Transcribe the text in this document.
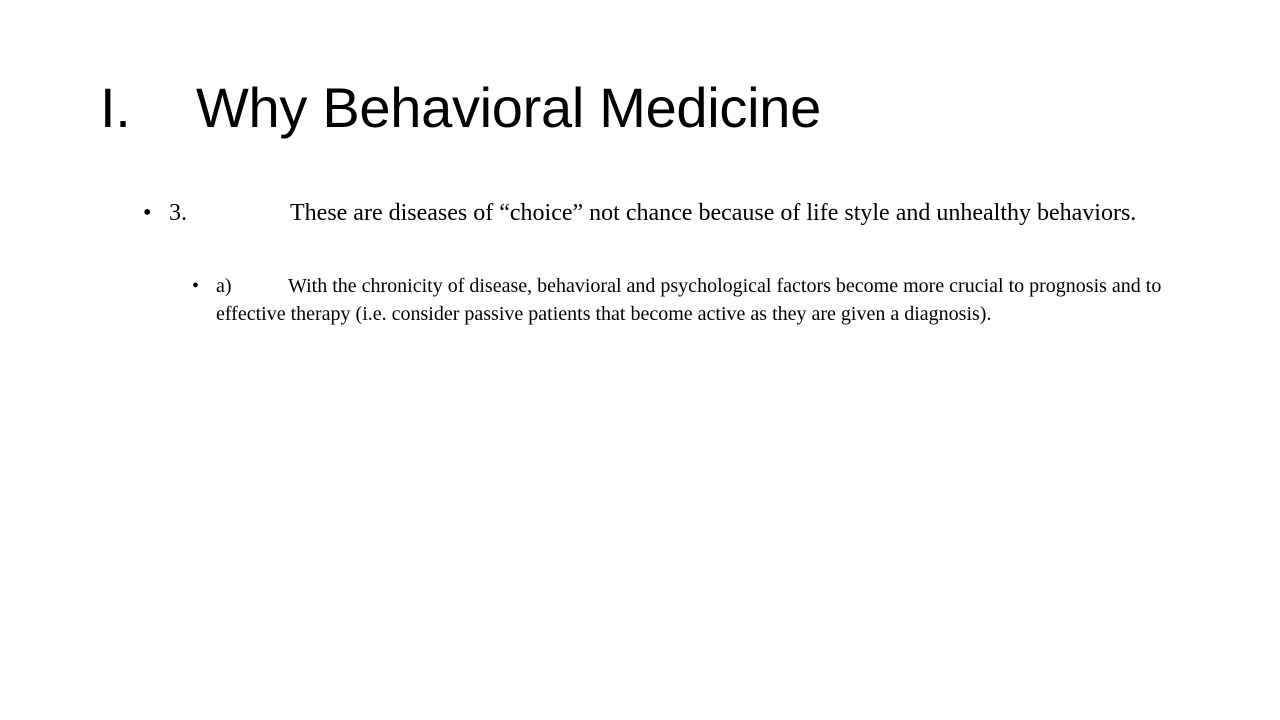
I.	Why Behavioral Medicine
• 3.	These are diseases of “choice” not chance because of life style and unhealthy behaviors.
• a)	With the chronicity of disease, behavioral and psychological factors become more crucial to prognosis and to effective therapy (i.e. consider passive patients that become active as they are given a diagnosis).
